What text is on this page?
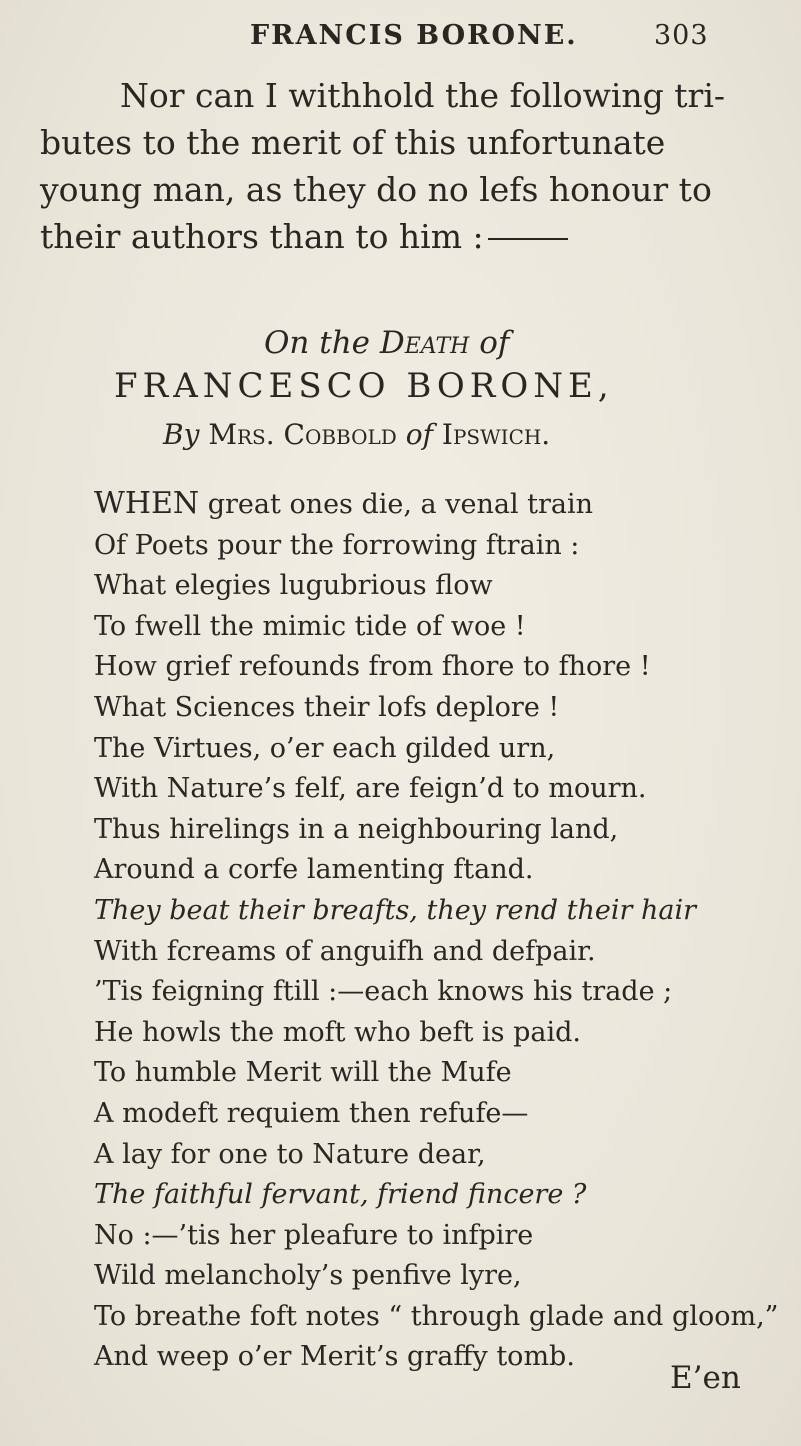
FRANCIS BORONE.	303
Nor can I withhold the following tri-
butes to the merit of this unfortunate
young man, as they do no lefs honour to
their authors than to him :
On the Death of
FRANCESCO BORONE,
By Mrs. Cobbold of Ipswich.
WHEN great ones die, a venal train
Of Poets pour the forrowing ftrain :
What elegies lugubrious flow
To fwell the mimic tide of woe !
How grief refounds from fhore to fhore !
What Sciences their lofs deplore !
The Virtues, o’er each gilded urn,
With Nature’s felf, are feign’d to mourn.
Thus hirelings in a neighbouring land,
Around a corfe lamenting ftand.
They beat their breafts, they rend their hair
With fcreams of anguifh and defpair.
’Tis feigning ftill :—each knows his trade ;
He howls the moft who beft is paid.
To humble Merit will the Mufe
A modeft requiem then refufe—
A lay for one to Nature dear,
The faithful fervant, friend fincere ?
No :—’tis her pleafure to infpire
Wild melancholy’s penfive lyre,
To breathe foft notes “ through glade and gloom,”
And weep o’er Merit’s graffy tomb.
E’en
